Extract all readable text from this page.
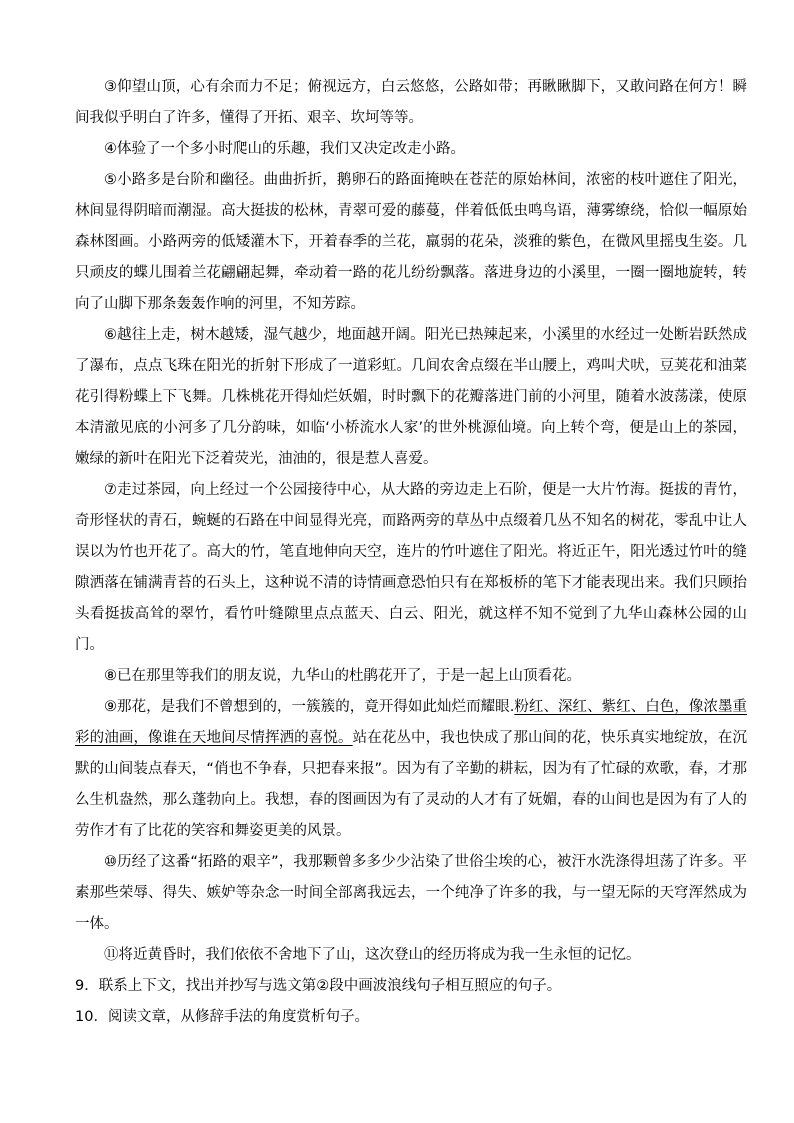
③仰望山顶，心有余而力不足；俯视远方，白云悠悠，公路如带；再瞅瞅脚下，又敢问路在何方！瞬间我似乎明白了许多，懂得了开拓、艰辛、坎坷等等。

④体验了一个多小时爬山的乐趣，我们又决定改走小路。

⑤小路多是台阶和幽径。曲曲折折，鹅卵石的路面掩映在苍茫的原始林间，浓密的枝叶遮住了阳光，林间显得阴暗而潮湿。高大挺拔的松林，青翠可爱的藤蔓，伴着低低虫鸣鸟语，薄雾缭绕，恰似一幅原始森林图画。小路两旁的低矮灌木下，开着春季的兰花，羸弱的花朵，淡雅的紫色，在微风里摇曳生姿。几只顽皮的蝶儿围着兰花翩翩起舞，牵动着一路的花儿纷纷飘落。落进身边的小溪里，一圈一圈地旋转，转向了山脚下那条轰轰作响的河里，不知芳踪。

⑥越往上走，树木越矮，湿气越少，地面越开阔。阳光已热辣起来，小溪里的水经过一处断岩跃然成了瀑布，点点飞珠在阳光的折射下形成了一道彩虹。几间农舍点缀在半山腰上，鸡叫犬吠，豆荚花和油菜花引得粉蝶上下飞舞。几株桃花开得灿烂妖媚，时时飘下的花瓣落进门前的小河里，随着水波荡漾，使原本清澈见底的小河多了几分韵味，如临‘小桥流水人家’的世外桃源仙境。向上转个弯，便是山上的茶园，嫩绿的新叶在阳光下泛着荧光，油油的，很是惹人喜爱。

⑦走过茶园，向上经过一个公园接待中心，从大路的旁边走上石阶，便是一大片竹海。挺拔的青竹，奇形怪状的青石，蜿蜒的石路在中间显得光亮，而路两旁的草丛中点缀着几丛不知名的树花，零乱中让人误以为竹也开花了。高大的竹，笔直地伸向天空，连片的竹叶遮住了阳光。将近正午，阳光透过竹叶的缝隙洒落在铺满青苔的石头上，这种说不清的诗情画意恐怕只有在郑板桥的笔下才能表现出来。我们只顾抬头看挺拔高耸的翠竹，看竹叶缝隙里点点蓝天、白云、阳光，就这样不知不觉到了九华山森林公园的山门。

⑧已在那里等我们的朋友说，九华山的杜鹃花开了，于是一起上山顶看花。

⑨那花，是我们不曾想到的，一簇簇的，竟开得如此灿烂而耀眼.粉红、深红、紫红、白色，像浓墨重彩的油画，像谁在天地间尽情挥洒的喜悦。站在花丛中，我也快成了那山间的花，快乐真实地绽放，在沉默的山间装点春天，“俏也不争春，只把春来报”。因为有了辛勤的耕耘，因为有了忙碌的欢歌，春，才那么生机盎然，那么蓬勃向上。我想，春的图画因为有了灵动的人才有了妩媚，春的山间也是因为有了人的劳作才有了比花的笑容和舞姿更美的风景。

⑩历经了这番“拓路的艰辛”，我那颗曾多多少少沾染了世俗尘埃的心，被汗水洗涤得坦荡了许多。平素那些荣辱、得失、嫉妒等杂念一时间全部离我远去，一个纯净了许多的我，与一望无际的天穹浑然成为一体。

⑪将近黄昏时，我们依依不舍地下了山，这次登山的经历将成为我一生永恒的记忆。

9．联系上下文，找出并抄写与选文第②段中画波浪线句子相互照应的句子。

10．阅读文章，从修辞手法的角度赏析句子。
